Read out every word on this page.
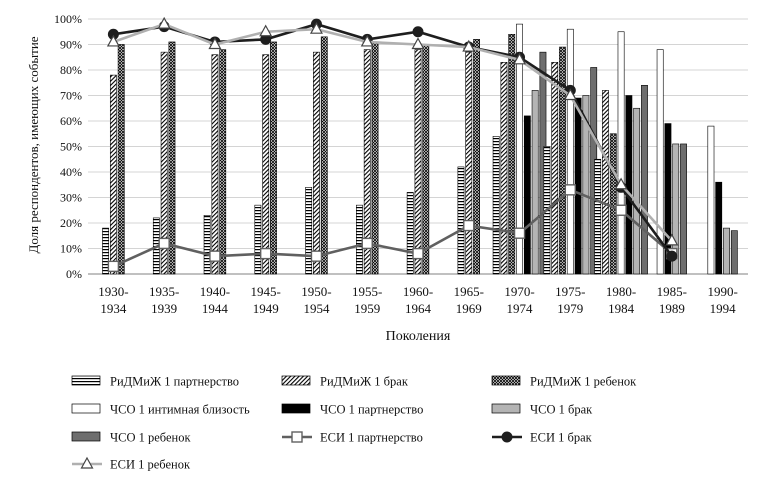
0%
10%
20%
30%
40%
50%
60%
70%
80%
90%
100%
1930-
1934
1935-
1939
1940-
1944
1945-
1949
1950-
1954
1955-
1959
1960-
1964
1965-
1969
1970-
1974
1975-
1979
1980-
1984
1985-
1989
1990-
1994
Доля респондентов, имеющих событие
Поколения
РиДМиЖ 1 партнерство	РиДМиЖ 1 брак	РиДМиЖ 1 ребенок
ЧСО 1 интимная близость	ЧСО 1 партнерство	ЧСО 1 брак
ЧСО 1 ребенок	ЕСИ 1 партнерство	ЕСИ 1 брак
ЕСИ 1 ребенок
